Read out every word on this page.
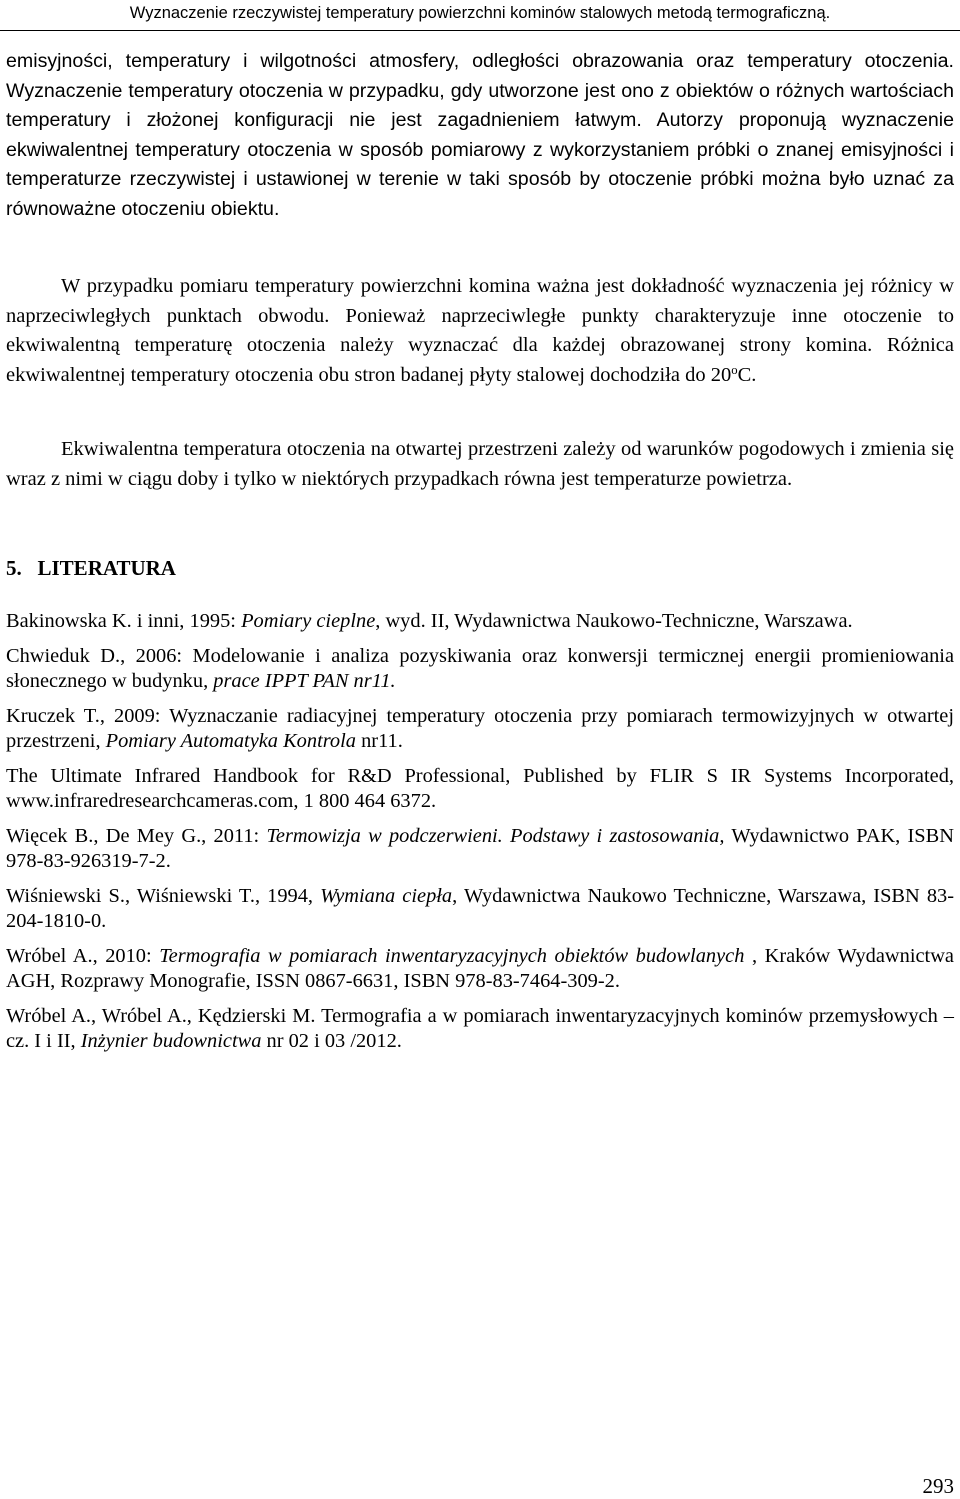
Wyznaczenie rzeczywistej temperatury powierzchni kominów stalowych metodą termograficzną.

emisyjności, temperatury i wilgotności atmosfery, odległości obrazowania oraz temperatury otoczenia. Wyznaczenie temperatury otoczenia w przypadku, gdy utworzone jest ono z obiektów o różnych wartościach temperatury i złożonej konfiguracji nie jest zagadnieniem łatwym. Autorzy proponują wyznaczenie ekwiwalentnej temperatury otoczenia w sposób pomiarowy z wykorzystaniem próbki o znanej emisyjności i temperaturze rzeczywistej i ustawionej w terenie w taki sposób by otoczenie próbki można było uznać za równoważne otoczeniu obiektu.

W przypadku pomiaru temperatury powierzchni komina ważna jest dokładność wyznaczenia jej różnicy w naprzeciwległych punktach obwodu. Ponieważ naprzeciwległe punkty charakteryzuje inne otoczenie to ekwiwalentną temperaturę otoczenia należy wyznaczać dla każdej obrazowanej strony komina. Różnica ekwiwalentnej temperatury otoczenia obu stron badanej płyty stalowej dochodziła do 20$^o$C.

Ekwiwalentna temperatura otoczenia na otwartej przestrzeni zależy od warunków pogodowych i zmienia się wraz z nimi w ciągu doby i tylko w niektórych przypadkach równa jest temperaturze powietrza.

5. LITERATURA
Bakinowska K. i inni, 1995: Pomiary cieplne, wyd. II, Wydawnictwa Naukowo-Techniczne, Warszawa.
Chwieduk D., 2006: Modelowanie i analiza pozyskiwania oraz konwersji termicznej energii promieniowania słonecznego w budynku, prace IPPT PAN nr11.
Kruczek T., 2009: Wyznaczanie radiacyjnej temperatury otoczenia przy pomiarach termowizyjnych w otwartej przestrzeni, Pomiary Automatyka Kontrola nr11.
The Ultimate Infrared Handbook for R&D Professional, Published by FLIR S IR Systems Incorporated, www.infraredresearchcameras.com, 1 800 464 6372.
Więcek B., De Mey G., 2011: Termowizja w podczerwieni. Podstawy i zastosowania, Wydawnictwo PAK, ISBN 978-83-926319-7-2.
Wiśniewski S., Wiśniewski T., 1994, Wymiana ciepła, Wydawnictwa Naukowo Techniczne, Warszawa, ISBN 83-204-1810-0.
Wróbel A., 2010: Termografia w pomiarach inwentaryzacyjnych obiektów budowlanych , Kraków Wydawnictwa AGH, Rozprawy Monografie, ISSN 0867-6631, ISBN 978-83-7464-309-2.
Wróbel A., Wróbel A., Kędzierski M. Termografia a w pomiarach inwentaryzacyjnych kominów przemysłowych –cz. I i II, Inżynier budownictwa nr 02 i 03 /2012.
293
